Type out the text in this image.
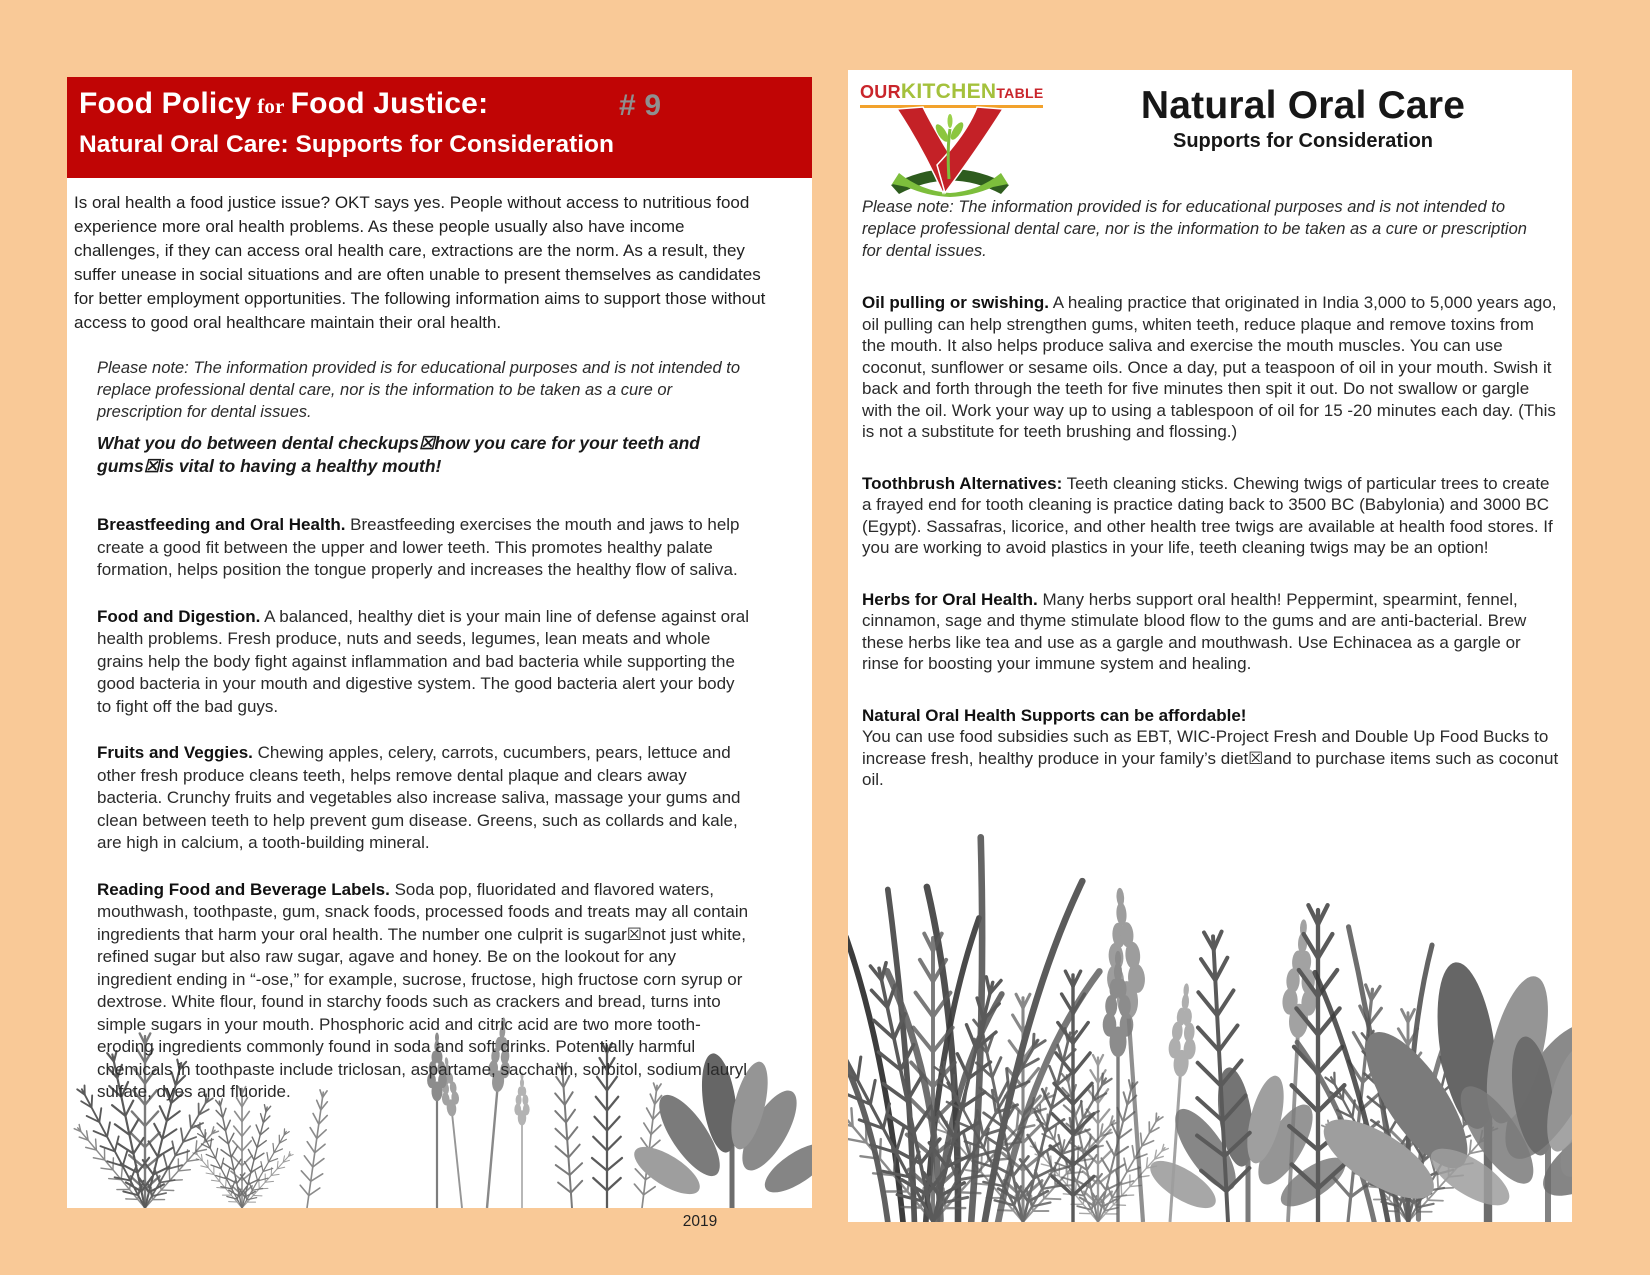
Food Policy for Food Justice:	# 9
Natural Oral Care: Supports for Consideration
Is oral health a food justice issue? OKT says yes. People without access to nutritious food experience more oral health problems. As these people usually also have income challenges, if they can access oral health care, extractions are the norm. As a result, they suffer unease in social situations and are often unable to present themselves as candidates for better employment opportunities. The following information aims to support those without access to good oral healthcare maintain their oral health.
Please note: The information provided is for educational purposes and is not intended to replace professional dental care, nor is the information to be taken as a cure or prescription for dental issues.
What you do between dental checkups☒how you care for your teeth and gums☒is vital to having a healthy mouth!

Breastfeeding and Oral Health. Breastfeeding exercises the mouth and jaws to help create a good fit between the upper and lower teeth. This promotes healthy palate formation, helps position the tongue properly and increases the healthy flow of saliva.

Food and Digestion. A balanced, healthy diet is your main line of defense against oral health problems. Fresh produce, nuts and seeds, legumes, lean meats and whole grains help the body fight against inflammation and bad bacteria while supporting the good bacteria in your mouth and digestive system. The good bacteria alert your body to fight off the bad guys.

Fruits and Veggies. Chewing apples, celery, carrots, cucumbers, pears, lettuce and other fresh produce cleans teeth, helps remove dental plaque and clears away bacteria. Crunchy fruits and vegetables also increase saliva, massage your gums and clean between teeth to help prevent gum disease. Greens, such as collards and kale, are high in calcium, a tooth-building mineral.

Reading Food and Beverage Labels. Soda pop, fluoridated and flavored waters, mouthwash, toothpaste, gum, snack foods, processed foods and treats may all contain ingredients that harm your oral health. The number one culprit is sugar☒not just white, refined sugar but also raw sugar, agave and honey. Be on the lookout for any ingredient ending in “-ose,” for example, sucrose, fructose, high fructose corn syrup or dextrose. White flour, found in starchy foods such as crackers and bread, turns into simple sugars in your mouth. Phosphoric acid and citric acid are two more tooth-eroding ingredients commonly found in soda and soft drinks. Potentially harmful chemicals in toothpaste include triclosan, aspartame, saccharin, sorbitol, sodium lauryl sulfate, dyes and fluoride.

2019
OURKITCHENTABLE	Natural Oral Care
Supports for Consideration
Please note: The information provided is for educational purposes and is not intended to replace professional dental care, nor is the information to be taken as a cure or prescription for dental issues.

Oil pulling or swishing. A healing practice that originated in India 3,000 to 5,000 years ago, oil pulling can help strengthen gums, whiten teeth, reduce plaque and remove toxins from the mouth. It also helps produce saliva and exercise the mouth muscles. You can use coconut, sunflower or sesame oils. Once a day, put a teaspoon of oil in your mouth. Swish it back and forth through the teeth for five minutes then spit it out. Do not swallow or gargle with the oil. Work your way up to using a tablespoon of oil for 15 -20 minutes each day. (This is not a substitute for teeth brushing and flossing.)

Toothbrush Alternatives: Teeth cleaning sticks. Chewing twigs of particular trees to create a frayed end for tooth cleaning is practice dating back to 3500 BC (Babylonia) and 3000 BC (Egypt). Sassafras, licorice, and other health tree twigs are available at health food stores. If you are working to avoid plastics in your life, teeth cleaning twigs may be an option!

Herbs for Oral Health. Many herbs support oral health! Peppermint, spearmint, fennel, cinnamon, sage and thyme stimulate blood flow to the gums and are anti-bacterial. Brew these herbs like tea and use as a gargle and mouthwash. Use Echinacea as a gargle or rinse for boosting your immune system and healing.

Natural Oral Health Supports can be affordable!
You can use food subsidies such as EBT, WIC-Project Fresh and Double Up Food Bucks to increase fresh, healthy produce in your family’s diet☒and to purchase items such as coconut oil.
